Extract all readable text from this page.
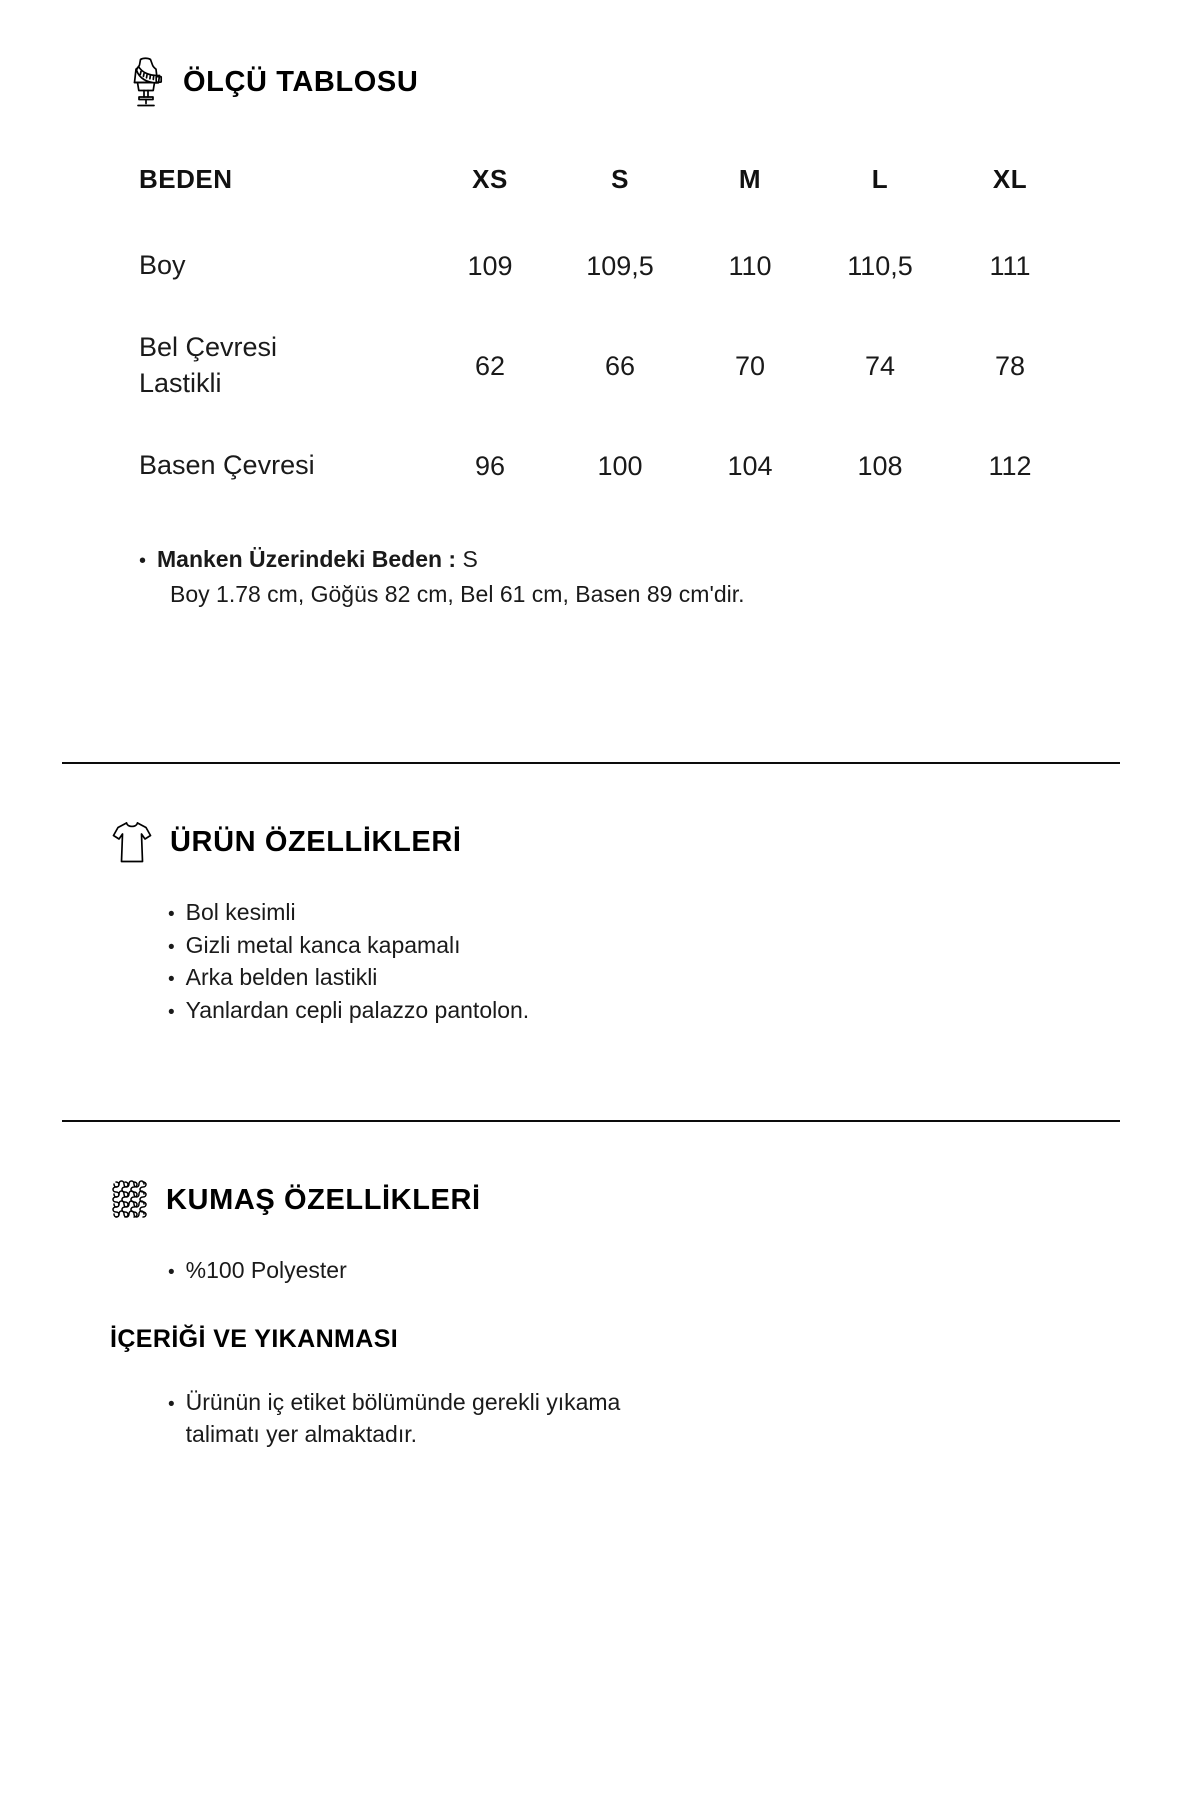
ÖLÇÜ TABLOSU
BEDEN	XS	S	M	L	XL
Boy	109	109,5	110	110,5	111

Bel Çevresi
Lastikli	62	66	70	74	78
Basen Çevresi	96	100	104	108	112
• Manken Üzerindeki Beden : S
Boy 1.78 cm, Göğüs 82 cm, Bel 61 cm, Basen 89 cm'dir.
ÜRÜN ÖZELLİKLERİ
• Bol kesimli
• Gizli metal kanca kapamalı
• Arka belden lastikli
• Yanlardan cepli palazzo pantolon.
KUMAŞ ÖZELLİKLERİ
• %100 Polyester
İÇERİĞİ VE YIKANMASI
• Ürünün iç etiket bölümünde gerekli yıkama
talimatı yer almaktadır.
